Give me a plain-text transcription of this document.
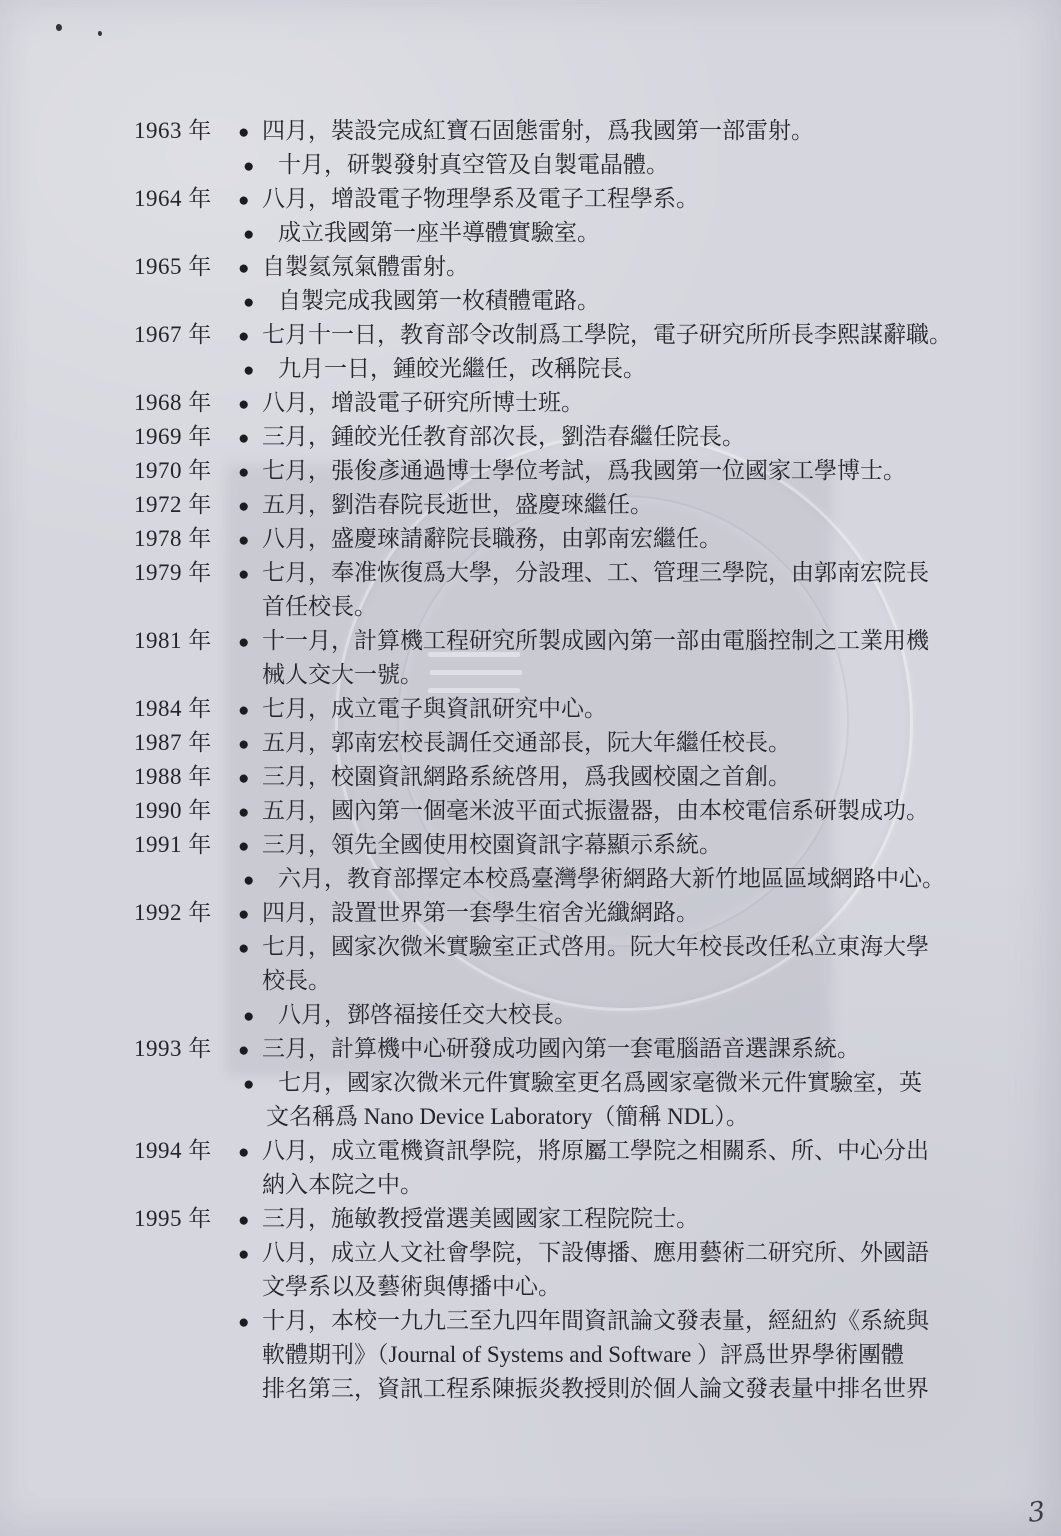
1963 年 ● 四月，裝設完成紅寶石固態雷射，爲我國第一部雷射。
● 十月，研製發射真空管及自製電晶體。
1964 年 ● 八月，增設電子物理學系及電子工程學系。
● 成立我國第一座半導體實驗室。
1965 年 ● 自製氦氖氣體雷射。
● 自製完成我國第一枚積體電路。
1967 年 ● 七月十一日，教育部令改制爲工學院，電子研究所所長李熙謀辭職。
● 九月一日，鍾皎光繼任，改稱院長。
1968 年 ● 八月，增設電子研究所博士班。
1969 年 ● 三月，鍾皎光任教育部次長，劉浩春繼任院長。
1970 年 ● 七月，張俊彥通過博士學位考試，爲我國第一位國家工學博士。
1972 年 ● 五月，劉浩春院長逝世，盛慶琜繼任。
1978 年 ● 八月，盛慶琜請辭院長職務，由郭南宏繼任。
1979 年 ● 七月，奉准恢復爲大學，分設理、工、管理三學院，由郭南宏院長
首任校長。
1981 年 ● 十一月，計算機工程研究所製成國內第一部由電腦控制之工業用機
械人交大一號。
1984 年 ● 七月，成立電子與資訊研究中心。
1987 年 ● 五月，郭南宏校長調任交通部長，阮大年繼任校長。
1988 年 ● 三月，校園資訊網路系統啓用，爲我國校園之首創。
1990 年 ● 五月，國內第一個毫米波平面式振盪器，由本校電信系研製成功。
1991 年 ● 三月，領先全國使用校園資訊字幕顯示系統。
● 六月，教育部擇定本校爲臺灣學術網路大新竹地區區域網路中心。
1992 年 ● 四月，設置世界第一套學生宿舍光纖網路。
● 七月，國家次微米實驗室正式啓用。阮大年校長改任私立東海大學
校長。
● 八月，鄧啓福接任交大校長。
1993 年 ● 三月，計算機中心研發成功國內第一套電腦語音選課系統。
● 七月，國家次微米元件實驗室更名爲國家毫微米元件實驗室，英
文名稱爲 Nano Device Laboratory（簡稱 NDL）。
1994 年 ● 八月，成立電機資訊學院，將原屬工學院之相關系、所、中心分出
納入本院之中。
1995 年 ● 三月，施敏教授當選美國國家工程院院士。
● 八月，成立人文社會學院，下設傳播、應用藝術二研究所、外國語
文學系以及藝術與傳播中心。
● 十月，本校一九九三至九四年間資訊論文發表量，經紐約《系統與
軟體期刊》（Journal of Systems and Software ）評爲世界學術團體
排名第三，資訊工程系陳振炎教授則於個人論文發表量中排名世界
3
